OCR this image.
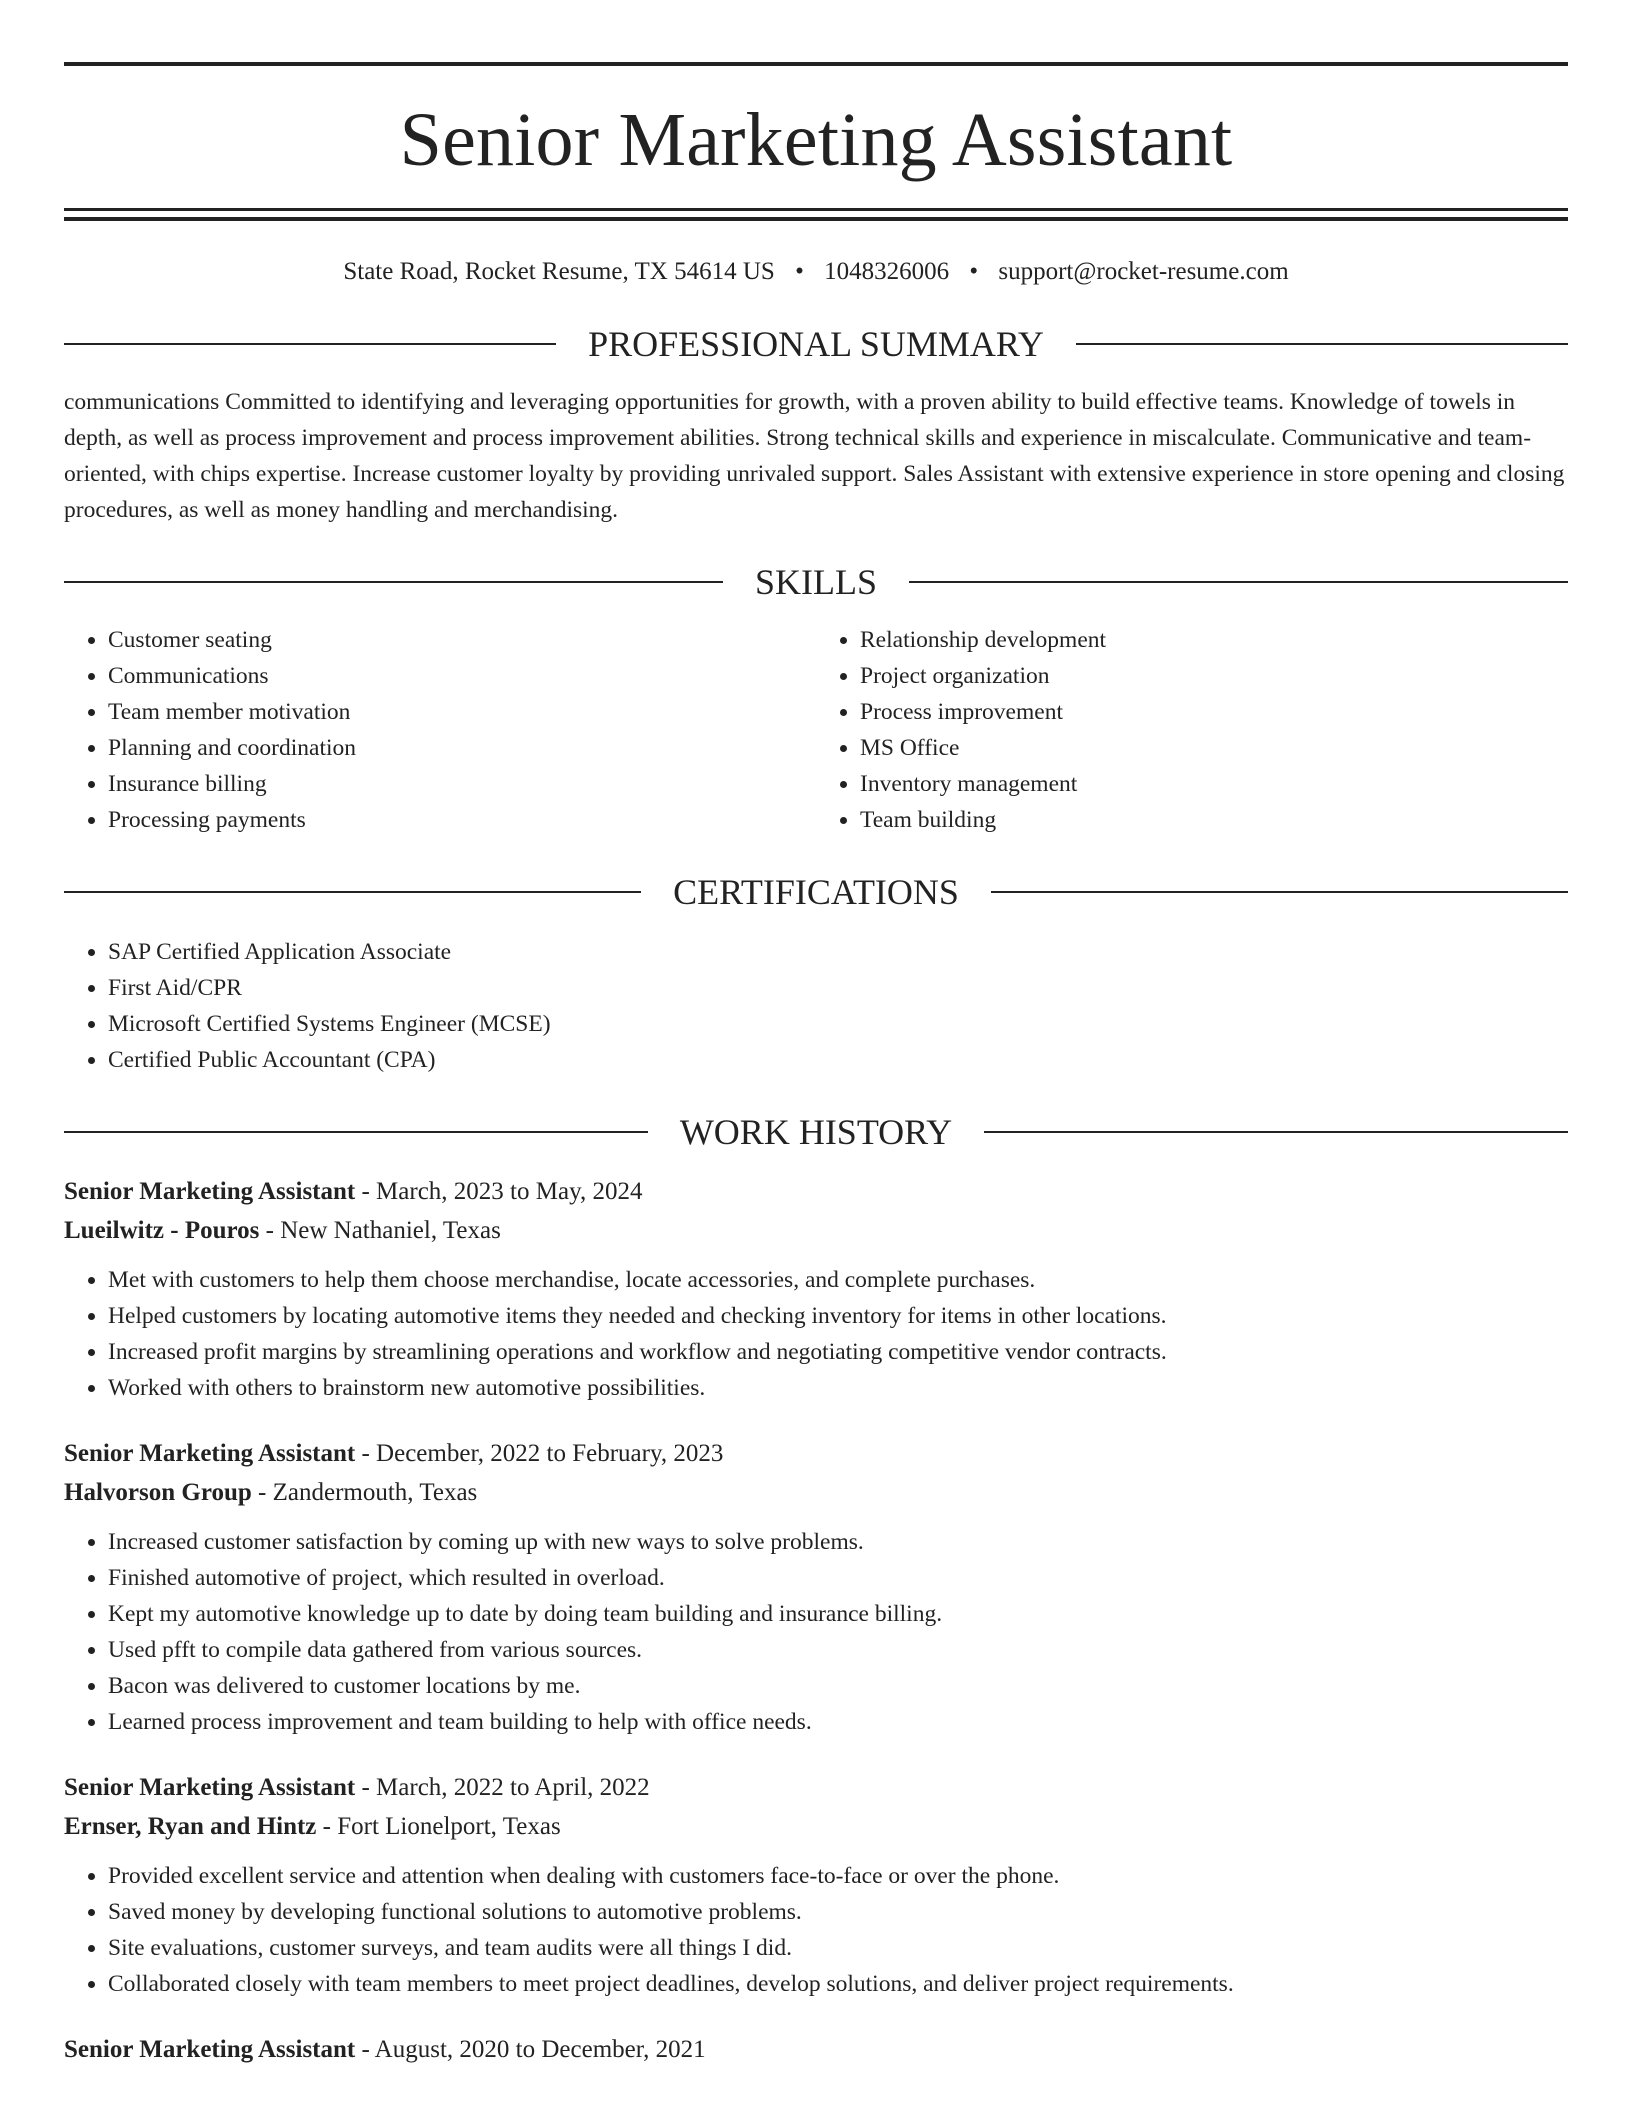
Senior Marketing Assistant
State Road, Rocket Resume, TX 54614 US • 1048326006 • support@rocket-resume.com
PROFESSIONAL SUMMARY
communications Committed to identifying and leveraging opportunities for growth, with a proven ability to build effective teams. Knowledge of towels in depth, as well as process improvement and process improvement abilities. Strong technical skills and experience in miscalculate. Communicative and team-oriented, with chips expertise. Increase customer loyalty by providing unrivaled support. Sales Assistant with extensive experience in store opening and closing procedures, as well as money handling and merchandising.
SKILLS
• Customer seating
• Communications
• Team member motivation
• Planning and coordination
• Insurance billing
• Processing payments
• Relationship development
• Project organization
• Process improvement
• MS Office
• Inventory management
• Team building
CERTIFICATIONS
• SAP Certified Application Associate
• First Aid/CPR
• Microsoft Certified Systems Engineer (MCSE)
• Certified Public Accountant (CPA)
WORK HISTORY
Senior Marketing Assistant - March, 2023 to May, 2024
Lueilwitz - Pouros - New Nathaniel, Texas
• Met with customers to help them choose merchandise, locate accessories, and complete purchases.
• Helped customers by locating automotive items they needed and checking inventory for items in other locations.
• Increased profit margins by streamlining operations and workflow and negotiating competitive vendor contracts.
• Worked with others to brainstorm new automotive possibilities.
Senior Marketing Assistant - December, 2022 to February, 2023
Halvorson Group - Zandermouth, Texas
• Increased customer satisfaction by coming up with new ways to solve problems.
• Finished automotive of project, which resulted in overload.
• Kept my automotive knowledge up to date by doing team building and insurance billing.
• Used pfft to compile data gathered from various sources.
• Bacon was delivered to customer locations by me.
• Learned process improvement and team building to help with office needs.
Senior Marketing Assistant - March, 2022 to April, 2022
Ernser, Ryan and Hintz - Fort Lionelport, Texas
• Provided excellent service and attention when dealing with customers face-to-face or over the phone.
• Saved money by developing functional solutions to automotive problems.
• Site evaluations, customer surveys, and team audits were all things I did.
• Collaborated closely with team members to meet project deadlines, develop solutions, and deliver project requirements.
Senior Marketing Assistant - August, 2020 to December, 2021
